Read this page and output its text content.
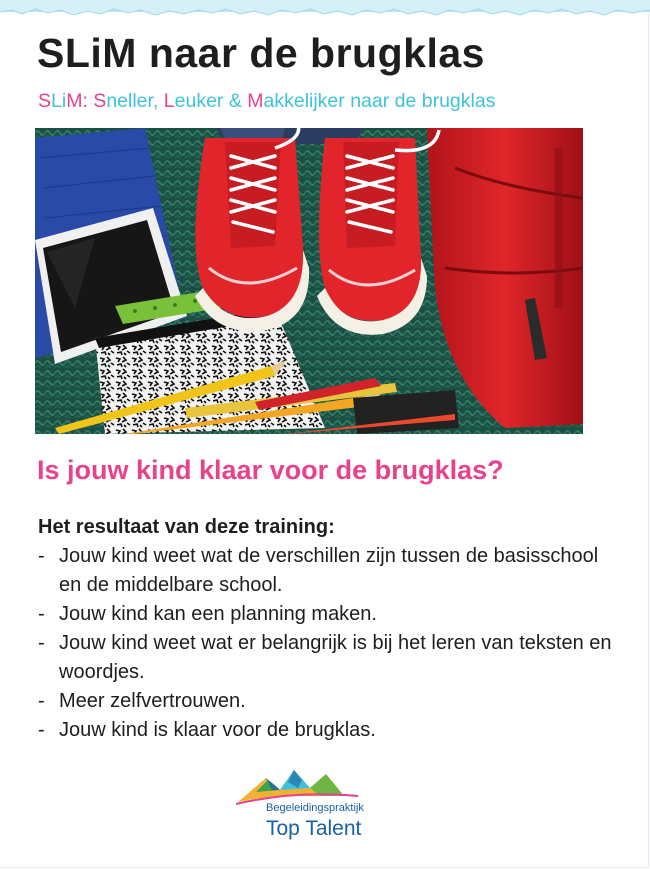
SLiM naar de brugklas

SLiM: Sneller, Leuker & Makkelijker naar de brugklas

Is jouw kind klaar voor de brugklas?

Het resultaat van deze training:

- Jouw kind weet wat de verschillen zijn tussen de basisschool en de middelbare school.
- Jouw kind kan een planning maken.
- Jouw kind weet wat er belangrijk is bij het leren van teksten en woordjes.
- Meer zelfvertrouwen.
- Jouw kind is klaar voor de brugklas.
Begeleidingspraktijk
Top Talent
